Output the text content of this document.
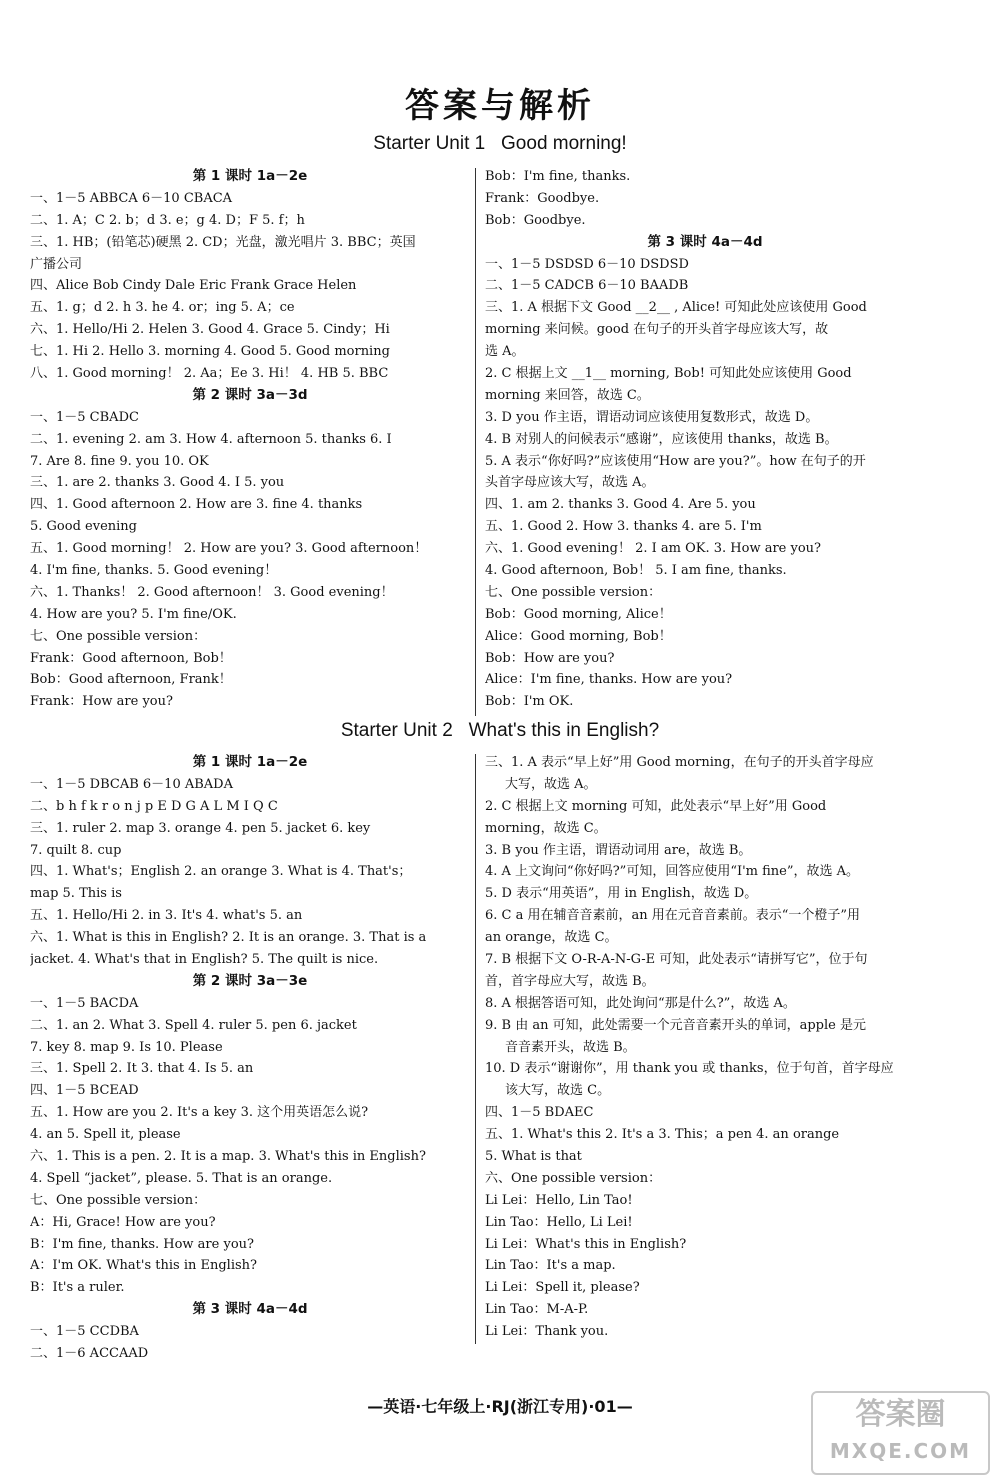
答案与解析
Starter Unit 1   Good morning!
第 1 课时 1a－2e
一、1－5 ABBCA 6－10 CBACA
二、1. A；C 2. b；d 3. e；g 4. D；F 5. f；h
三、1. HB；(铅笔芯)硬黑 2. CD；光盘，激光唱片 3. BBC；英国
广播公司
四、Alice Bob Cindy Dale Eric Frank Grace Helen
五、1. g；d 2. h 3. he 4. or；ing 5. A；ce
六、1. Hello/Hi 2. Helen 3. Good 4. Grace 5. Cindy；Hi
七、1. Hi 2. Hello 3. morning 4. Good 5. Good morning
八、1. Good morning！ 2. Aa；Ee 3. Hi！ 4. HB 5. BBC
第 2 课时 3a－3d
一、1－5 CBADC
二、1. evening 2. am 3. How 4. afternoon 5. thanks 6. I
7. Are 8. fine 9. you 10. OK
三、1. are 2. thanks 3. Good 4. I 5. you
四、1. Good afternoon 2. How are 3. fine 4. thanks
5. Good evening
五、1. Good morning！ 2. How are you? 3. Good afternoon！
4. I'm fine, thanks. 5. Good evening！
六、1. Thanks！ 2. Good afternoon！ 3. Good evening！
4. How are you? 5. I'm fine/OK.
七、One possible version：
Frank：Good afternoon, Bob！
Bob：Good afternoon, Frank！
Frank：How are you?
Bob：I'm fine, thanks.
Frank：Goodbye.
Bob：Goodbye.
第 3 课时 4a－4d
一、1－5 DSDSD 6－10 DSDSD
二、1－5 CADCB 6－10 BAADB
三、1. A 根据下文 Good __2__ , Alice! 可知此处应该使用 Good
morning 来问候。good 在句子的开头首字母应该大写，故
选 A。
2. C 根据上文 __1__ morning, Bob! 可知此处应该使用 Good
morning 来回答，故选 C。
3. D you 作主语，谓语动词应该使用复数形式，故选 D。
4. B 对别人的问候表示“感谢”，应该使用 thanks，故选 B。
5. A 表示“你好吗?”应该使用“How are you?”。how 在句子的开
头首字母应该大写，故选 A。
四、1. am 2. thanks 3. Good 4. Are 5. you
五、1. Good 2. How 3. thanks 4. are 5. I'm
六、1. Good evening！ 2. I am OK. 3. How are you?
4. Good afternoon, Bob！ 5. I am fine, thanks.
七、One possible version：
Bob：Good morning, Alice！
Alice：Good morning, Bob！
Bob：How are you?
Alice：I'm fine, thanks. How are you?
Bob：I'm OK.
Starter Unit 2   What's this in English?
第 1 课时 1a－2e
一、1－5 DBCAB 6－10 ABADA
二、b h f k r o n j p E D G A L M I Q C
三、1. ruler 2. map 3. orange 4. pen 5. jacket 6. key
7. quilt 8. cup
四、1. What's；English 2. an orange 3. What is 4. That's；
map 5. This is
五、1. Hello/Hi 2. in 3. It's 4. what's 5. an
六、1. What is this in English? 2. It is an orange. 3. That is a
jacket. 4. What's that in English? 5. The quilt is nice.
第 2 课时 3a－3e
一、1－5 BACDA
二、1. an 2. What 3. Spell 4. ruler 5. pen 6. jacket
7. key 8. map 9. Is 10. Please
三、1. Spell 2. It 3. that 4. Is 5. an
四、1－5 BCEAD
五、1. How are you 2. It's a key 3. 这个用英语怎么说?
4. an 5. Spell it, please
六、1. This is a pen. 2. It is a map. 3. What's this in English?
4. Spell “jacket”, please. 5. That is an orange.
七、One possible version：
A：Hi, Grace! How are you?
B：I'm fine, thanks. How are you?
A：I'm OK. What's this in English?
B：It's a ruler.
第 3 课时 4a－4d
一、1－5 CCDBA
二、1－6 ACCAAD
三、1. A 表示“早上好”用 Good morning，在句子的开头首字母应
大写，故选 A。
2. C 根据上文 morning 可知，此处表示“早上好”用 Good
morning，故选 C。
3. B you 作主语，谓语动词用 are，故选 B。
4. A 上文询问“你好吗?”可知，回答应使用“I'm fine”，故选 A。
5. D 表示“用英语”，用 in English，故选 D。
6. C a 用在辅音音素前，an 用在元音音素前。表示“一个橙子”用
an orange，故选 C。
7. B 根据下文 O-R-A-N-G-E 可知，此处表示“请拼写它”，位于句
首，首字母应大写，故选 B。
8. A 根据答语可知，此处询问“那是什么?”，故选 A。
9. B 由 an 可知，此处需要一个元音音素开头的单词，apple 是元
音音素开头，故选 B。
10. D 表示“谢谢你”，用 thank you 或 thanks，位于句首，首字母应
该大写，故选 C。
四、1－5 BDAEC
五、1. What's this 2. It's a 3. This；a pen 4. an orange
5. What is that
六、One possible version：
Li Lei：Hello, Lin Tao!
Lin Tao：Hello, Li Lei!
Li Lei：What's this in English?
Lin Tao：It's a map.
Li Lei：Spell it, please?
Lin Tao：M-A-P.
Li Lei：Thank you.
—英语·七年级上·RJ(浙江专用)·01—	答案圈
MXQE.COM
